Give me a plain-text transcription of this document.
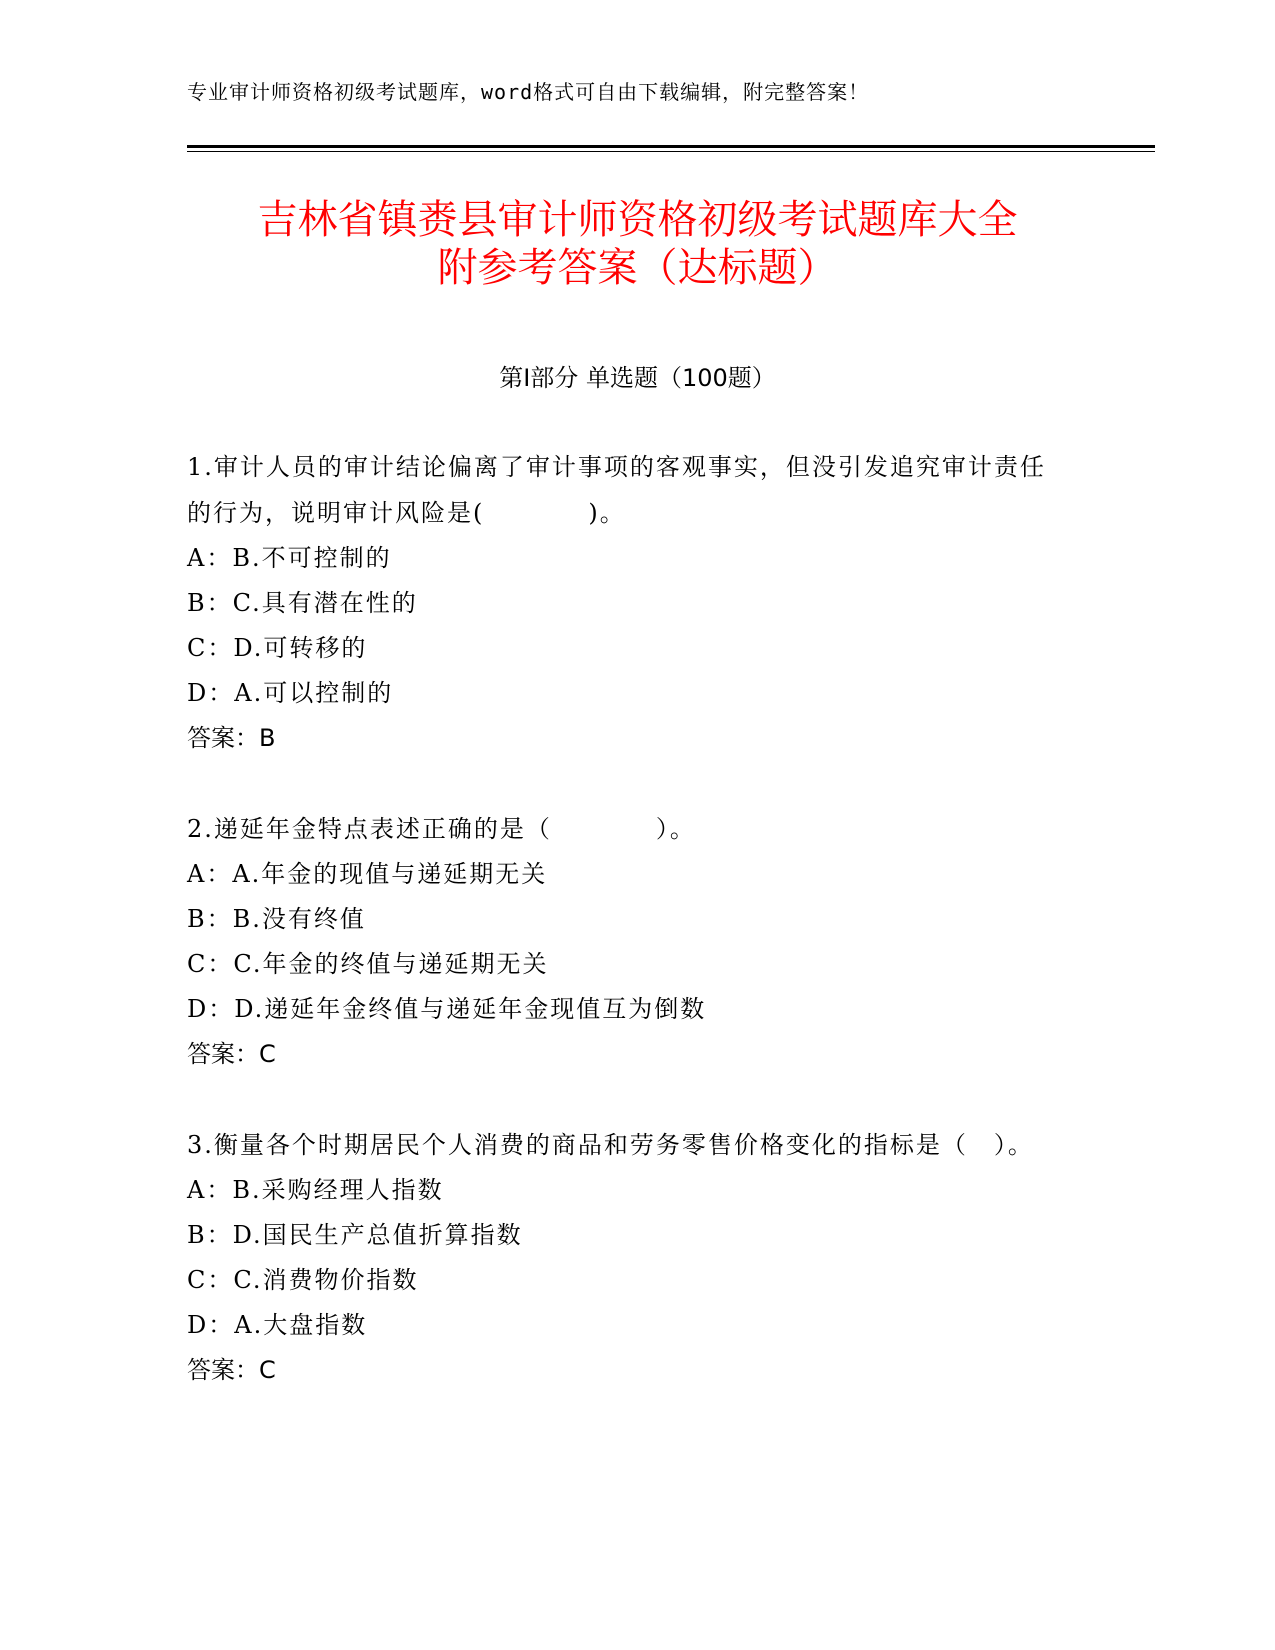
专业审计师资格初级考试题库，word格式可自由下载编辑，附完整答案！
吉林省镇赉县审计师资格初级考试题库大全
附参考答案（达标题）
第Ⅰ部分 单选题（100题）
1.审计人员的审计结论偏离了审计事项的客观事实，但没引发追究审计责任的行为，说明审计风险是(　　　　)。
A：B.不可控制的
B：C.具有潜在性的
C：D.可转移的
D：A.可以控制的
答案：B
2.递延年金特点表述正确的是（　　　　）。
A：A.年金的现值与递延期无关
B：B.没有终值
C：C.年金的终值与递延期无关
D：D.递延年金终值与递延年金现值互为倒数
答案：C
3.衡量各个时期居民个人消费的商品和劳务零售价格变化的指标是（　）。
A：B.采购经理人指数
B：D.国民生产总值折算指数
C：C.消费物价指数
D：A.大盘指数
答案：C
